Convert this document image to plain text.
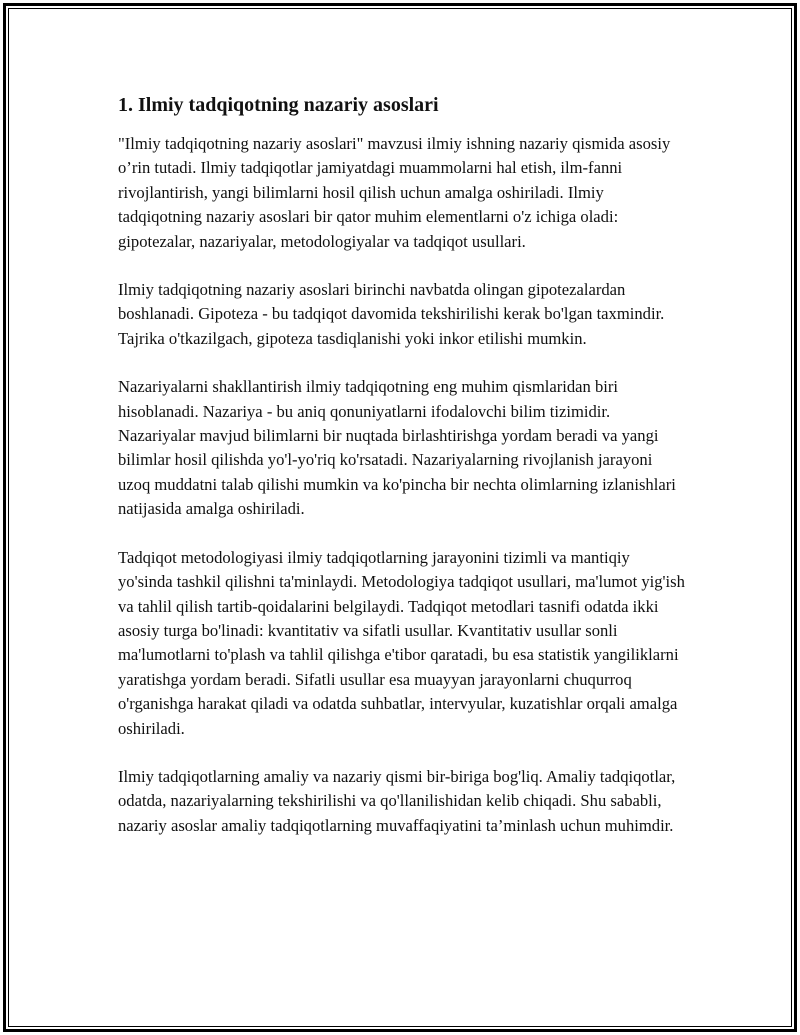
1. Ilmiy tadqiqotning nazariy asoslari

"Ilmiy tadqiqotning nazariy asoslari" mavzusi ilmiy ishning nazariy qismida asosiy o’rin tutadi. Ilmiy tadqiqotlar jamiyatdagi muammolarni hal etish, ilm-fanni rivojlantirish, yangi bilimlarni hosil qilish uchun amalga oshiriladi. Ilmiy tadqiqotning nazariy asoslari bir qator muhim elementlarni o'z ichiga oladi: gipotezalar, nazariyalar, metodologiyalar va tadqiqot usullari.

Ilmiy tadqiqotning nazariy asoslari birinchi navbatda olingan gipotezalardan boshlanadi. Gipoteza - bu tadqiqot davomida tekshirilishi kerak bo'lgan taxmindir. Tajrika o'tkazilgach, gipoteza tasdiqlanishi yoki inkor etilishi mumkin.

Nazariyalarni shakllantirish ilmiy tadqiqotning eng muhim qismlaridan biri hisoblanadi. Nazariya - bu aniq qonuniyatlarni ifodalovchi bilim tizimidir. Nazariyalar mavjud bilimlarni bir nuqtada birlashtirishga yordam beradi va yangi bilimlar hosil qilishda yo'l-yo'riq ko'rsatadi. Nazariyalarning rivojlanish jarayoni uzoq muddatni talab qilishi mumkin va ko'pincha bir nechta olimlarning izlanishlari natijasida amalga oshiriladi.

Tadqiqot metodologiyasi ilmiy tadqiqotlarning jarayonini tizimli va mantiqiy yo'sinda tashkil qilishni ta'minlaydi. Metodologiya tadqiqot usullari, ma'lumot yig'ish va tahlil qilish tartib-qoidalarini belgilaydi. Tadqiqot metodlari tasnifi odatda ikki asosiy turga bo'linadi: kvantitativ va sifatli usullar. Kvantitativ usullar sonli ma'lumotlarni to'plash va tahlil qilishga e'tibor qaratadi, bu esa statistik yangiliklarni yaratishga yordam beradi. Sifatli usullar esa muayyan jarayonlarni chuqurroq o'rganishga harakat qiladi va odatda suhbatlar, intervyular, kuzatishlar orqali amalga oshiriladi.

Ilmiy tadqiqotlarning amaliy va nazariy qismi bir-biriga bog'liq. Amaliy tadqiqotlar, odatda, nazariyalarning tekshirilishi va qo'llanilishidan kelib chiqadi. Shu sababli, nazariy asoslar amaliy tadqiqotlarning muvaffaqiyatini ta’minlash uchun muhimdir.
